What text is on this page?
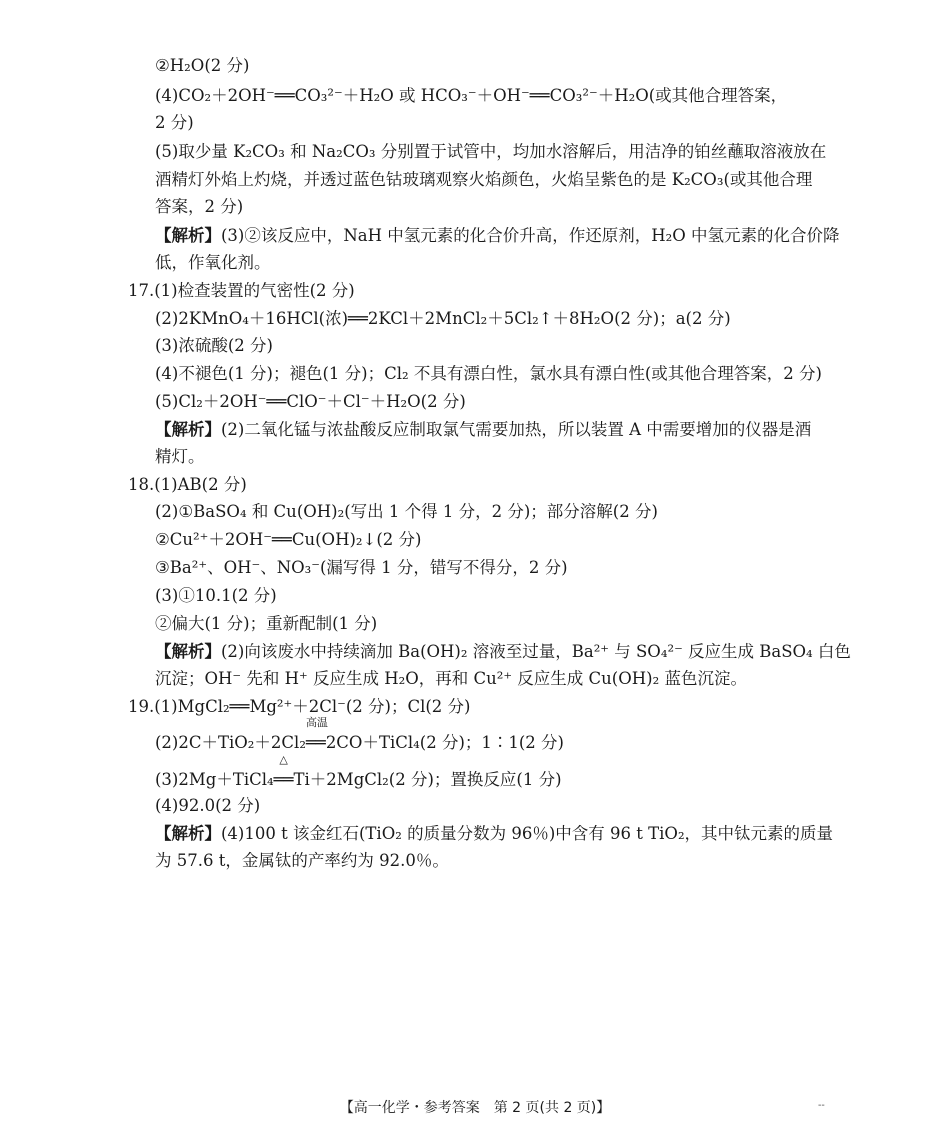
②H₂O(2 分)
(4)CO₂＋2OH⁻══CO₃²⁻＋H₂O 或 HCO₃⁻＋OH⁻══CO₃²⁻＋H₂O(或其他合理答案，
2 分)
(5)取少量 K₂CO₃ 和 Na₂CO₃ 分别置于试管中，均加水溶解后，用洁净的铂丝蘸取溶液放在
酒精灯外焰上灼烧，并透过蓝色钴玻璃观察火焰颜色，火焰呈紫色的是 K₂CO₃(或其他合理
答案，2 分)
【解析】(3)②该反应中，NaH 中氢元素的化合价升高，作还原剂，H₂O 中氢元素的化合价降
低，作氧化剂。
17.(1)检查装置的气密性(2 分)
(2)2KMnO₄＋16HCl(浓)══2KCl＋2MnCl₂＋5Cl₂↑＋8H₂O(2 分)；a(2 分)
(3)浓硫酸(2 分)
(4)不褪色(1 分)；褪色(1 分)；Cl₂ 不具有漂白性，氯水具有漂白性(或其他合理答案，2 分)
(5)Cl₂＋2OH⁻══ClO⁻＋Cl⁻＋H₂O(2 分)
【解析】(2)二氧化锰与浓盐酸反应制取氯气需要加热，所以装置 A 中需要增加的仪器是酒
精灯。
18.(1)AB(2 分)
(2)①BaSO₄ 和 Cu(OH)₂(写出 1 个得 1 分，2 分)；部分溶解(2 分)
②Cu²⁺＋2OH⁻══Cu(OH)₂↓(2 分)
③Ba²⁺、OH⁻、NO₃⁻(漏写得 1 分，错写不得分，2 分)
(3)①10.1(2 分)
②偏大(1 分)；重新配制(1 分)
【解析】(2)向该废水中持续滴加 Ba(OH)₂ 溶液至过量，Ba²⁺ 与 SO₄²⁻ 反应生成 BaSO₄ 白色
沉淀；OH⁻ 先和 H⁺ 反应生成 H₂O，再和 Cu²⁺ 反应生成 Cu(OH)₂ 蓝色沉淀。
19.(1)MgCl₂══Mg²⁺＋2Cl⁻(2 分)；Cl(2 分)
(2)2C＋TiO₂＋2Cl₂
高温
══2CO＋TiCl₄(2 分)；1∶1(2 分)
(3)2Mg＋TiCl₄
△
══Ti＋2MgCl₂(2 分)；置换反应(1 分)
(4)92.0(2 分)
【解析】(4)100 t 该金红石(TiO₂ 的质量分数为 96％)中含有 96 t TiO₂，其中钛元素的质量
为 57.6 t，金属钛的产率约为 92.0％。
【高一化学・参考答案　第 2 页(共 2 页)】	--
